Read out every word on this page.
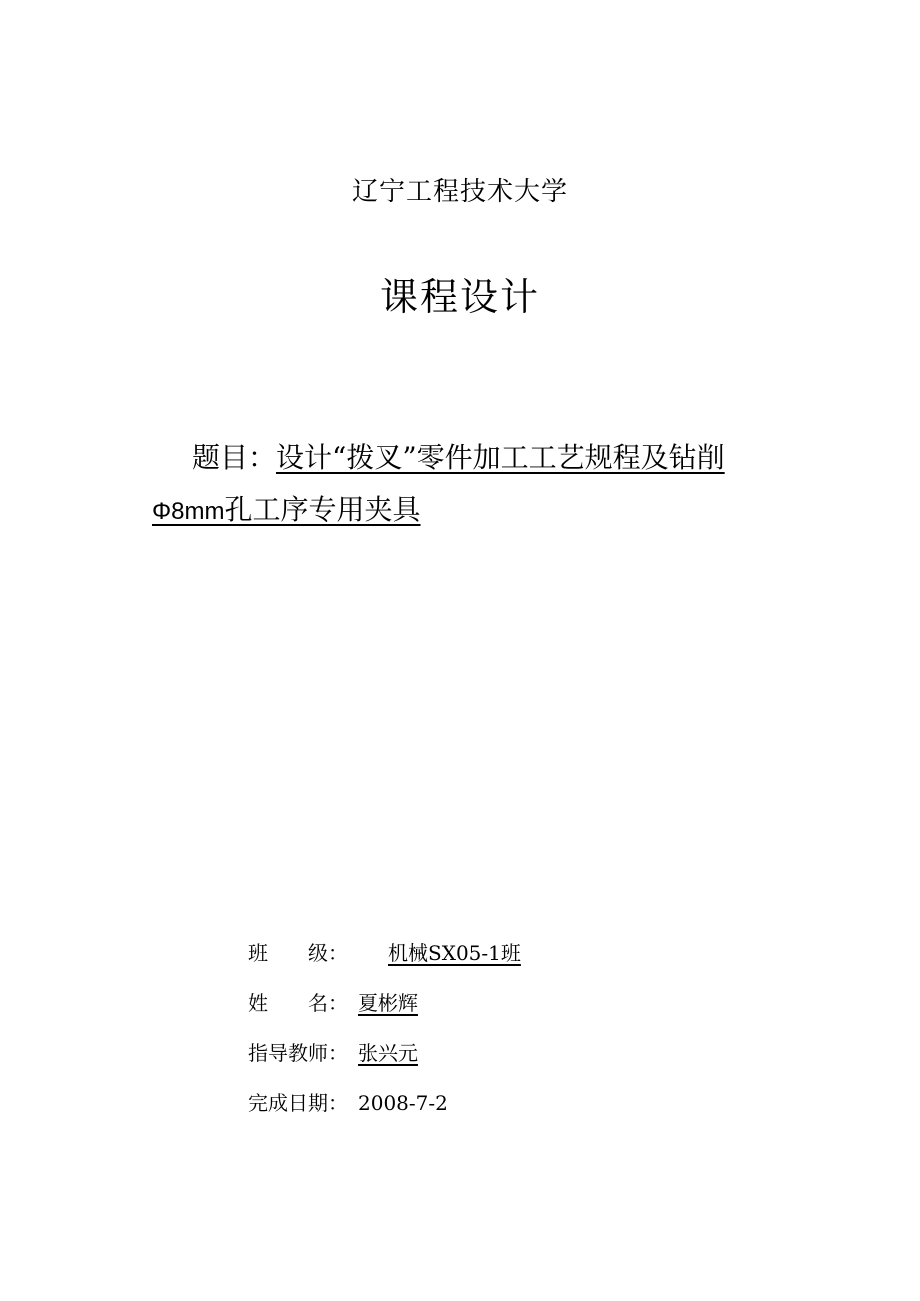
辽宁工程技术大学
课程设计
题目：设计“拨叉”零件加工工艺规程及钻削
Φ8mm孔工序专用夹具
班　　级：	机械SX05-1班
姓　　名： 夏彬辉
指导教师： 张兴元
完成日期： 2008-7-2
